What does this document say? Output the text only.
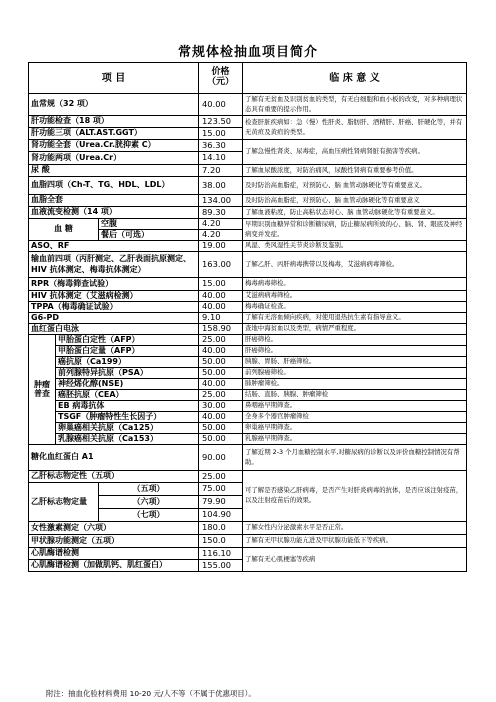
常规体检抽血项目简介
项 目			价格（元）	临 床 意 义
血常规（32 项）			40.00	了解有无贫血及识别贫血的类型，有无白细胞和血小板的改变，对多种病理状态具有重要的提示作用。
肝功能检查（18 项）			123.50	检查肝脏疾病如：急（慢）性肝炎、脂肪肝、酒精肝、肝癌、肝硬化等，并有无黄疸及黄疸的类型。
肝功能三项（ALT.AST.GGT）			15.00	
肾功能全套（Urea.Cr.胱抑素 C）			36.30	了解急慢性肾炎、尿毒症，高血压病性肾病肾脏有损害等疾病。
肾功能两项（Urea.Cr）			14.10	
尿 酸			7.20	了解血尿酸浓度，对防治痛风，尿酸性肾病有重要参考价值。
血脂四项（Ch-T、TG、HDL、LDL）			38.00	及时防治高血脂症，对预防心、脑 血管动脉硬化等有重要意义。
血脂全套			134.00	及时防治高血脂症，对预防心、脑 血管动脉硬化等有重要意义
血液流变检测（14 项）			89.30	了解血液粘度，防止高粘状态对心、脑 血管动脉硬化等有重要意义。
血 糖		空腹	4.20	早期识别血糖异常和诊断糖尿病，防止糖尿病所致的心、脑、肾、眼底及神经病变并发症。
		餐后（可选）	4.20	
ASO、RF			19.00	风湿、类风湿性关节炎诊断及鉴别。
输血前四项（丙肝测定、乙肝表面抗原测定、HIV 抗体测定、梅毒抗体测定）			163.00	了解乙肝、丙肝病毒携带以及梅毒，艾滋病病毒筛检。
RPR（梅毒筛查试验）			15.00	梅毒病毒筛检。
HIV 抗体测定（艾滋病检测）			40.00	艾滋病病毒筛检。
TPPA（梅毒确证试验）			40.00	梅毒确证检查。
G6-PD			9.10	了解有无溶血倾向疾病，对使用退热抗生素有指导意义。
血红蛋白电泳			158.90	查地中海贫血以及类型，病情严重程度。
肿瘤普查	甲胎蛋白定性（AFP）		25.00	肝癌筛检。
	甲胎蛋白定量（AFP）		40.00	肝癌筛检。
	癌抗原（Ca199）		50.00	胰腺、胃肠、肝癌筛检。
	前列腺特异抗原（PSA）		50.00	前列腺癌筛检。
	神经烯化醇(NSE)		40.00	肺肿瘤筛检。
	癌胚抗原（CEA）		25.00	结肠、直肠、胰腺、肿瘤筛检
	EB 病毒抗体		30.00	鼻咽癌早期筛查。
	TSGF（肿瘤特性生长因子）		40.00	全身多个器官肿瘤筛检
	卵巢癌相关抗原（Ca125）		50.00	卵巢癌早期筛查。
	乳腺癌相关抗原（Ca153）		50.00	乳腺癌早期筛查。
糖化血红蛋白 A1			90.00	了解近期 2-3 个月血糖控制水平,对糖尿病的诊断以及评价血糖控制情况有帮助。
乙肝标志物定性（五项）			25.00	可了解是否感染乙肝病毒，是否产生对肝炎病毒的抗体，是否应该注射疫苗，以及注射疫苗后的效果。
乙肝标志物定量		（五项）	75.00	
		（六项）	79.90	
		（七项）	104.90	
女性激素测定（六项）			180.0	了解女性内分泌激素水平是否正常。
甲状腺功能测定（五项）			150.0	了解有无甲状腺功能亢进及甲状腺功能低下等疾病。
心肌酶谱检测			116.10	了解有无心肌梗塞等疾病
心肌酶谱检测（加做肌钙、肌红蛋白）			155.00	
附注：抽血化验材料费用 10-20 元/人不等（不属于优惠项目）。
